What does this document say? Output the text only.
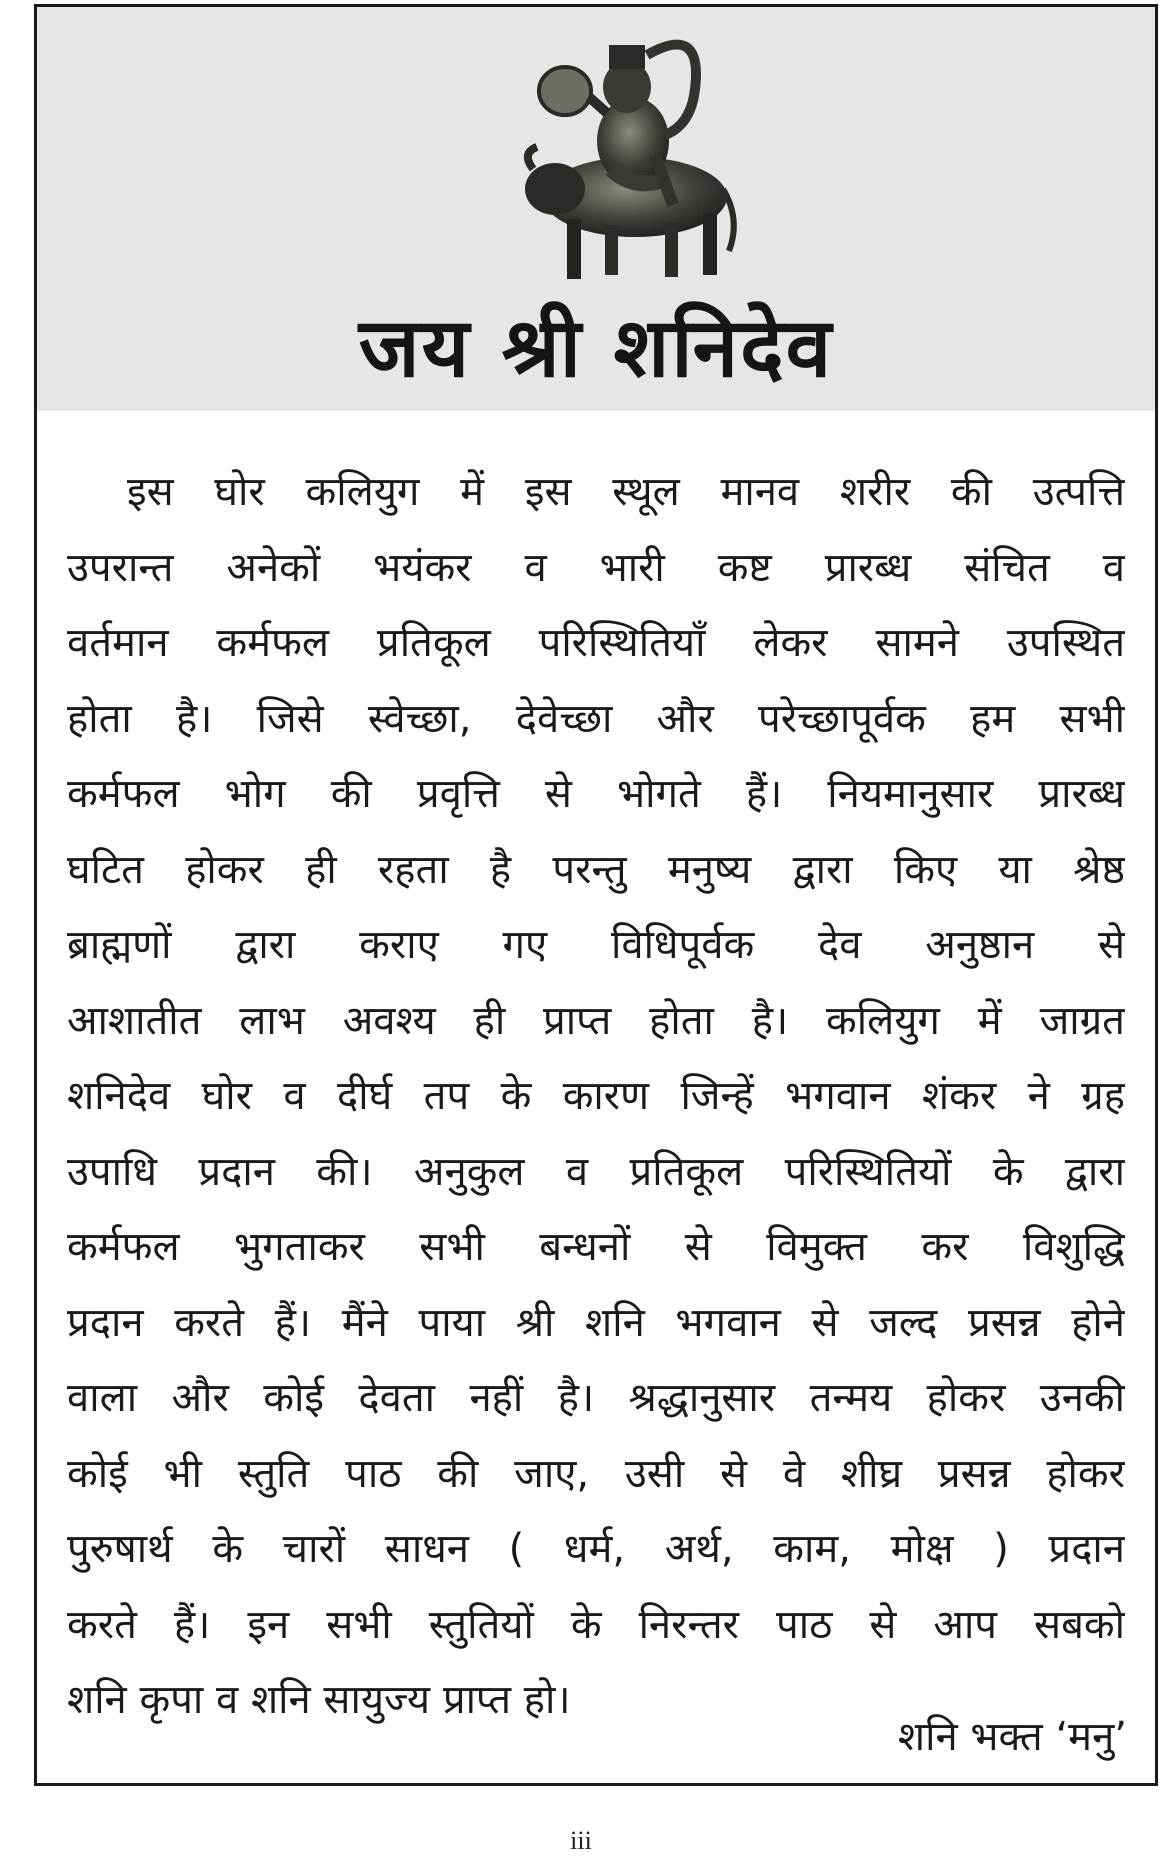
जय श्री शनिदेव
इस घोर कलियुग में इस स्थूल मानव शरीर की उत्पत्ति
उपरान्त अनेकों भयंकर व भारी कष्ट प्रारब्ध संचित व
वर्तमान कर्मफल प्रतिकूल परिस्थितियाँ लेकर सामने उपस्थित
होता है। जिसे स्वेच्छा, देवेच्छा और परेच्छापूर्वक हम सभी
कर्मफल भोग की प्रवृत्ति से भोगते हैं। नियमानुसार प्रारब्ध
घटित होकर ही रहता है परन्तु मनुष्य द्वारा किए या श्रेष्ठ
ब्राह्मणों द्वारा कराए गए विधिपूर्वक देव अनुष्ठान से
आशातीत लाभ अवश्य ही प्राप्त होता है। कलियुग में जाग्रत
शनिदेव घोर व दीर्घ तप के कारण जिन्हें भगवान शंकर ने ग्रह
उपाधि प्रदान की। अनुकुल व प्रतिकूल परिस्थितियों के द्वारा
कर्मफल भुगताकर सभी बन्धनों से विमुक्त कर विशुद्धि
प्रदान करते हैं। मैंने पाया श्री शनि भगवान से जल्द प्रसन्न होने
वाला और कोई देवता नहीं है। श्रद्धानुसार तन्मय होकर उनकी
कोई भी स्तुति पाठ की जाए, उसी से वे शीघ्र प्रसन्न होकर
पुरुषार्थ के चारों साधन ( धर्म, अर्थ, काम, मोक्ष ) प्रदान
करते हैं। इन सभी स्तुतियों के निरन्तर पाठ से आप सबको
शनि कृपा व शनि सायुज्य प्राप्त हो।
शनि भक्त ‘मनु’
iii
